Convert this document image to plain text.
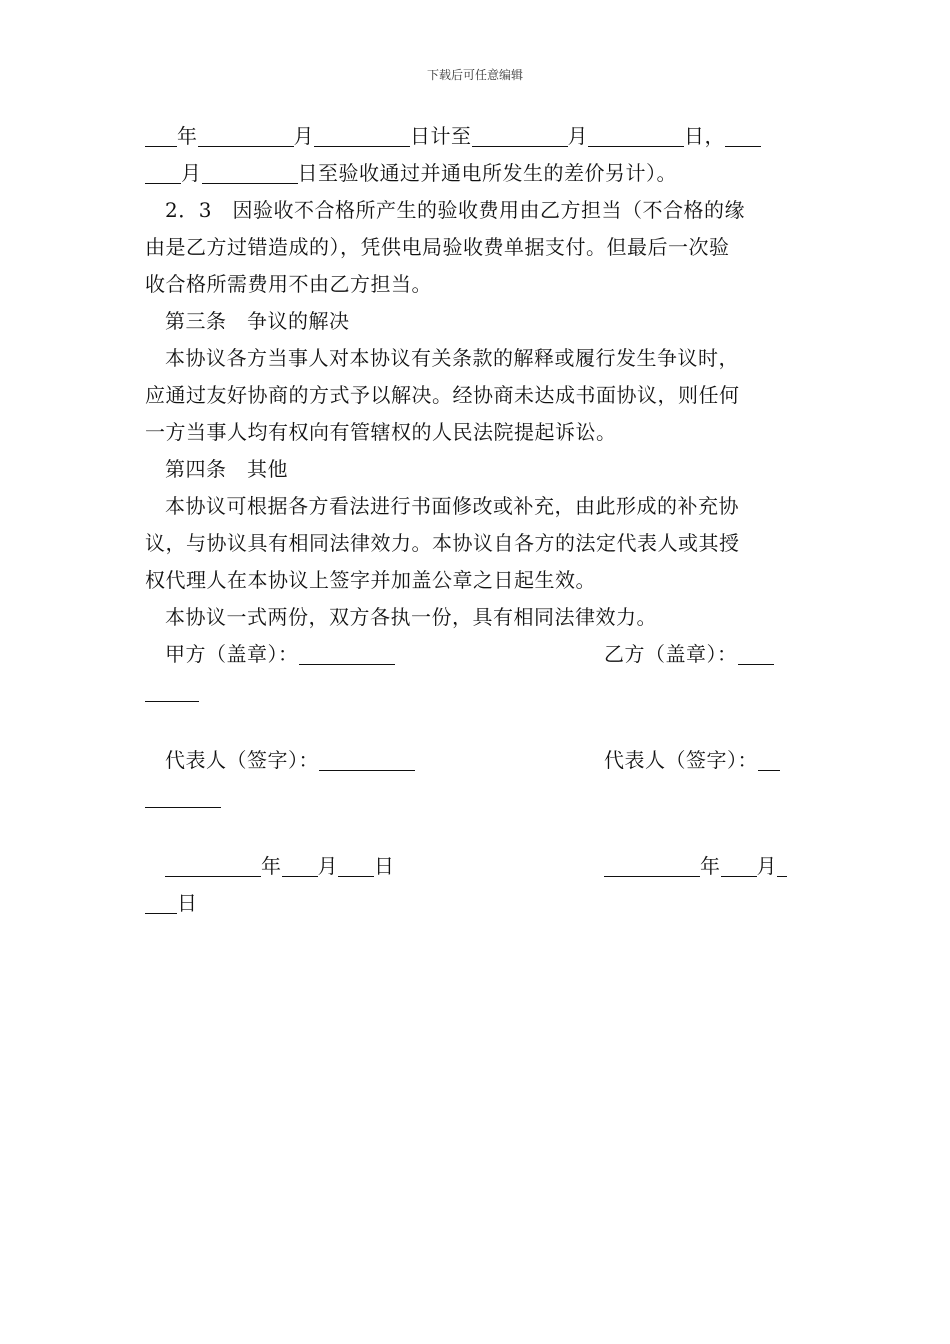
下载后可任意编辑
年	月	日计至	月	日，
月	日至验收通过并通电所发生的差价另计）。
2．3　因验收不合格所产生的验收费用由乙方担当（不合格的缘
由是乙方过错造成的），凭供电局验收费单据支付。但最后一次验
收合格所需费用不由乙方担当。
第三条　争议的解决
本协议各方当事人对本协议有关条款的解释或履行发生争议时，
应通过友好协商的方式予以解决。经协商未达成书面协议，则任何
一方当事人均有权向有管辖权的人民法院提起诉讼。
第四条　其他
本协议可根据各方看法进行书面修改或补充，由此形成的补充协
议，与协议具有相同法律效力。本协议自各方的法定代表人或其授
权代理人在本协议上签字并加盖公章之日起生效。
本协议一式两份，双方各执一份，具有相同法律效力。
甲方（盖章）：	乙方（盖章）：
代表人（签字）：	代表人（签字）：
年 月 日	年 月
日
